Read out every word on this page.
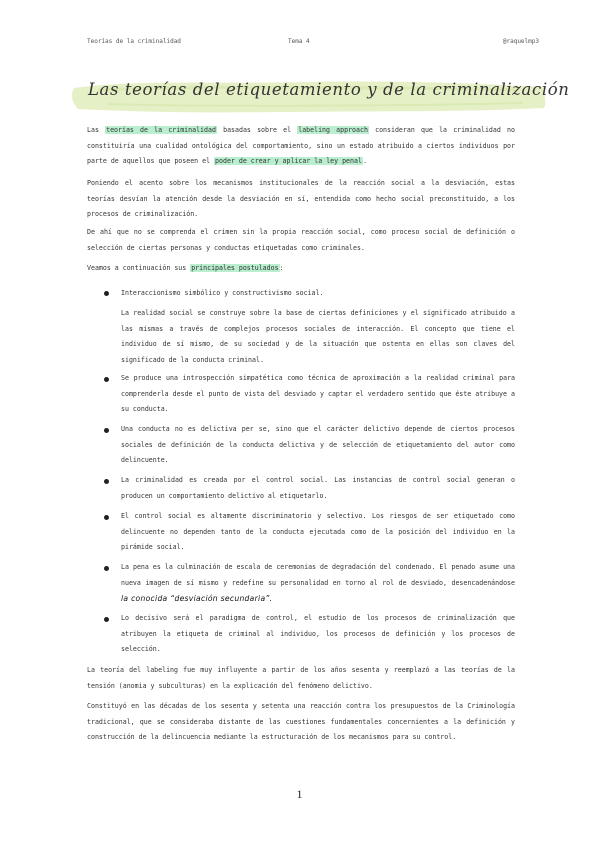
Teorías de la criminalidad	Tema 4	@raquelmp3
Las teorías del etiquetamiento y de la criminalización
Las teorías de la criminalidad basadas sobre el labeling approach consideran que la criminalidad no constituiría una cualidad ontológica del comportamiento, sino un estado atribuido a ciertos individuos por parte de aquellos que poseen el poder de crear y aplicar la ley penal.
Poniendo el acento sobre los mecanismos institucionales de la reacción social a la desviación, estas teorías desvían la atención desde la desviación en sí, entendida como hecho social preconstituido, a los procesos de criminalización.
De ahí que no se comprenda el crimen sin la propia reacción social, como proceso social de definición o selección de ciertas personas y conductas etiquetadas como criminales.
Veamos a continuación sus principales postulados:
Interaccionismo simbólico y constructivismo social.
La realidad social se construye sobre la base de ciertas definiciones y el significado atribuido a las mismas a través de complejos procesos sociales de interacción. El concepto que tiene el individuo de sí mismo, de su sociedad y de la situación que ostenta en ellas son claves del significado de la conducta criminal.
Se produce una introspección simpatética como técnica de aproximación a la realidad criminal para comprenderla desde el punto de vista del desviado y captar el verdadero sentido que éste atribuye a su conducta.
Una conducta no es delictiva per se, sino que el carácter delictivo depende de ciertos procesos sociales de definición de la conducta delictiva y de selección de etiquetamiento del autor como delincuente.
La criminalidad es creada por el control social. Las instancias de control social generan o producen un comportamiento delictivo al etiquetarlo.
El control social es altamente discriminatorio y selectivo. Los riesgos de ser etiquetado como delincuente no dependen tanto de la conducta ejecutada como de la posición del individuo en la pirámide social.
La pena es la culminación de escala de ceremonias de degradación del condenado. El penado asume una nueva imagen de sí mismo y redefine su personalidad en torno al rol de desviado, desencadenándose la conocida “desviación secundaria”.
Lo decisivo será el paradigma de control, el estudio de los procesos de criminalización que atribuyen la etiqueta de criminal al individuo, los procesos de definición y los procesos de selección.
La teoría del labeling fue muy influyente a partir de los años sesenta y reemplazó a las teorías de la tensión (anomia y subculturas) en la explicación del fenómeno delictivo.
Constituyó en las décadas de los sesenta y setenta una reacción contra los presupuestos de la Criminología tradicional, que se consideraba distante de las cuestiones fundamentales concernientes a la definición y construcción de la delincuencia mediante la estructuración de los mecanismos para su control.
1
